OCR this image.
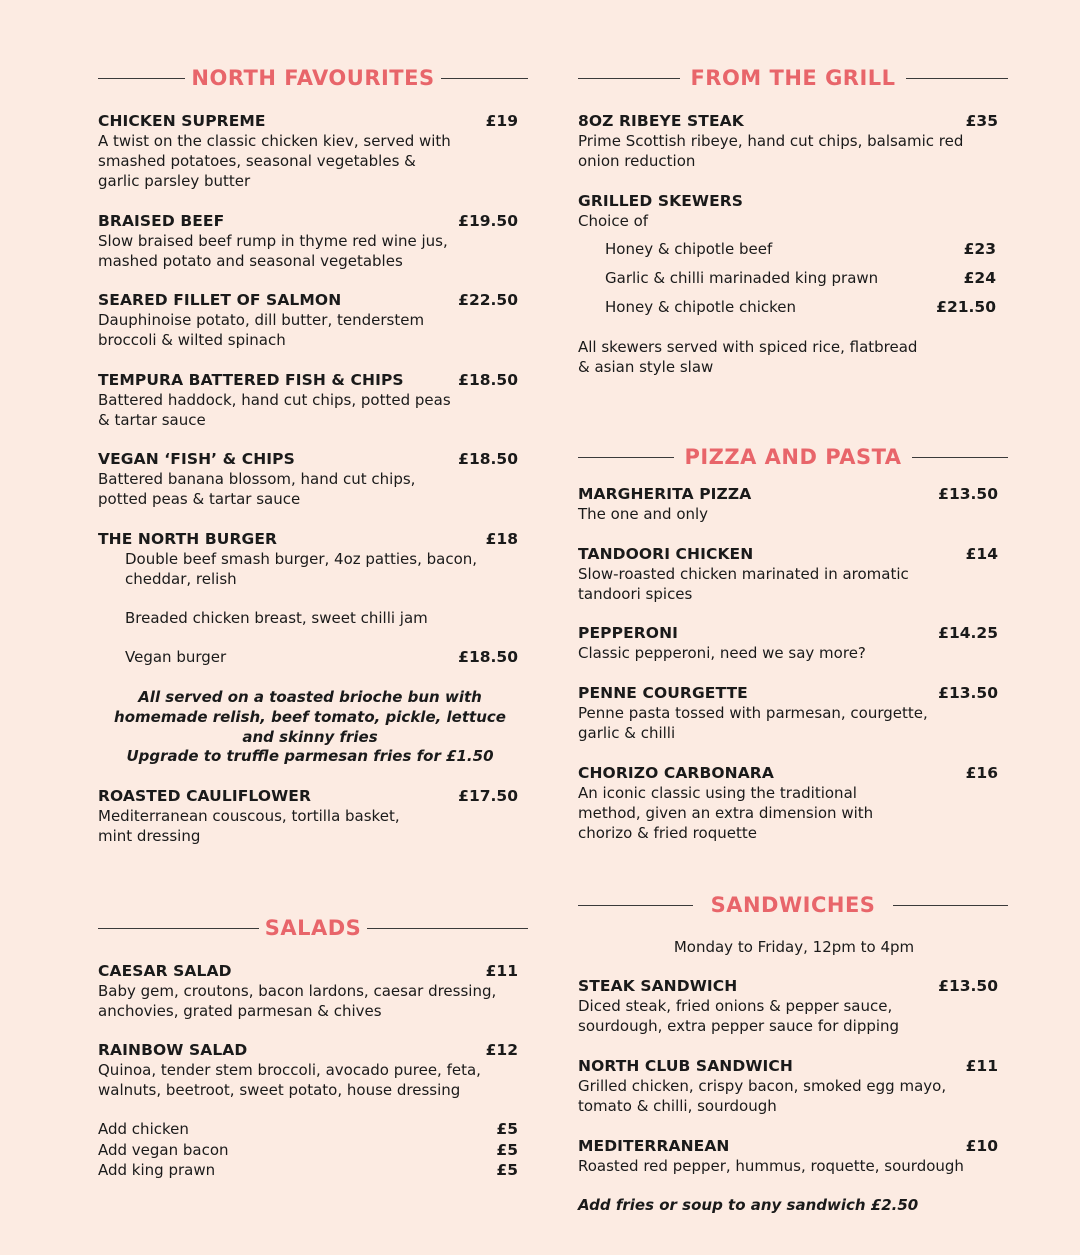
NORTH FAVOURITES
CHICKEN SUPREME	£19
A twist on the classic chicken kiev, served with smashed potatoes, seasonal vegetables & garlic parsley butter
BRAISED BEEF	£19.50
Slow braised beef rump in thyme red wine jus, mashed potato and seasonal vegetables
SEARED FILLET OF SALMON	£22.50
Dauphinoise potato, dill butter, tenderstem broccoli & wilted spinach
TEMPURA BATTERED FISH & CHIPS	£18.50
Battered haddock, hand cut chips, potted peas & tartar sauce
VEGAN ‘FISH’ & CHIPS	£18.50
Battered banana blossom, hand cut chips, potted peas & tartar sauce
THE NORTH BURGER	£18
Double beef smash burger, 4oz patties, bacon, cheddar, relish
Breaded chicken breast, sweet chilli jam
Vegan burger	£18.50
All served on a toasted brioche bun with homemade relish, beef tomato, pickle, lettuce and skinny fries
Upgrade to truffle parmesan fries for £1.50
ROASTED CAULIFLOWER	£17.50
Mediterranean couscous, tortilla basket, mint dressing
SALADS
CAESAR SALAD	£11
Baby gem, croutons, bacon lardons, caesar dressing, anchovies, grated parmesan & chives
RAINBOW SALAD	£12
Quinoa, tender stem broccoli, avocado puree, feta, walnuts, beetroot, sweet potato, house dressing
Add chicken	£5
Add vegan bacon	£5
Add king prawn	£5
FROM THE GRILL
8OZ RIBEYE STEAK	£35
Prime Scottish ribeye, hand cut chips, balsamic red onion reduction
GRILLED SKEWERS
Choice of
Honey & chipotle beef	£23
Garlic & chilli marinaded king prawn	£24
Honey & chipotle chicken	£21.50
All skewers served with spiced rice, flatbread & asian style slaw
PIZZA AND PASTA
MARGHERITA PIZZA	£13.50
The one and only
TANDOORI CHICKEN	£14
Slow-roasted chicken marinated in aromatic tandoori spices
PEPPERONI	£14.25
Classic pepperoni, need we say more?
PENNE COURGETTE	£13.50
Penne pasta tossed with parmesan, courgette, garlic & chilli
CHORIZO CARBONARA	£16
An iconic classic using the traditional method, given an extra dimension with chorizo & fried roquette
SANDWICHES
Monday to Friday, 12pm to 4pm
STEAK SANDWICH	£13.50
Diced steak, fried onions & pepper sauce, sourdough, extra pepper sauce for dipping
NORTH CLUB SANDWICH	£11
Grilled chicken, crispy bacon, smoked egg mayo, tomato & chilli, sourdough
MEDITERRANEAN	£10
Roasted red pepper, hummus, roquette, sourdough
Add fries or soup to any sandwich £2.50
